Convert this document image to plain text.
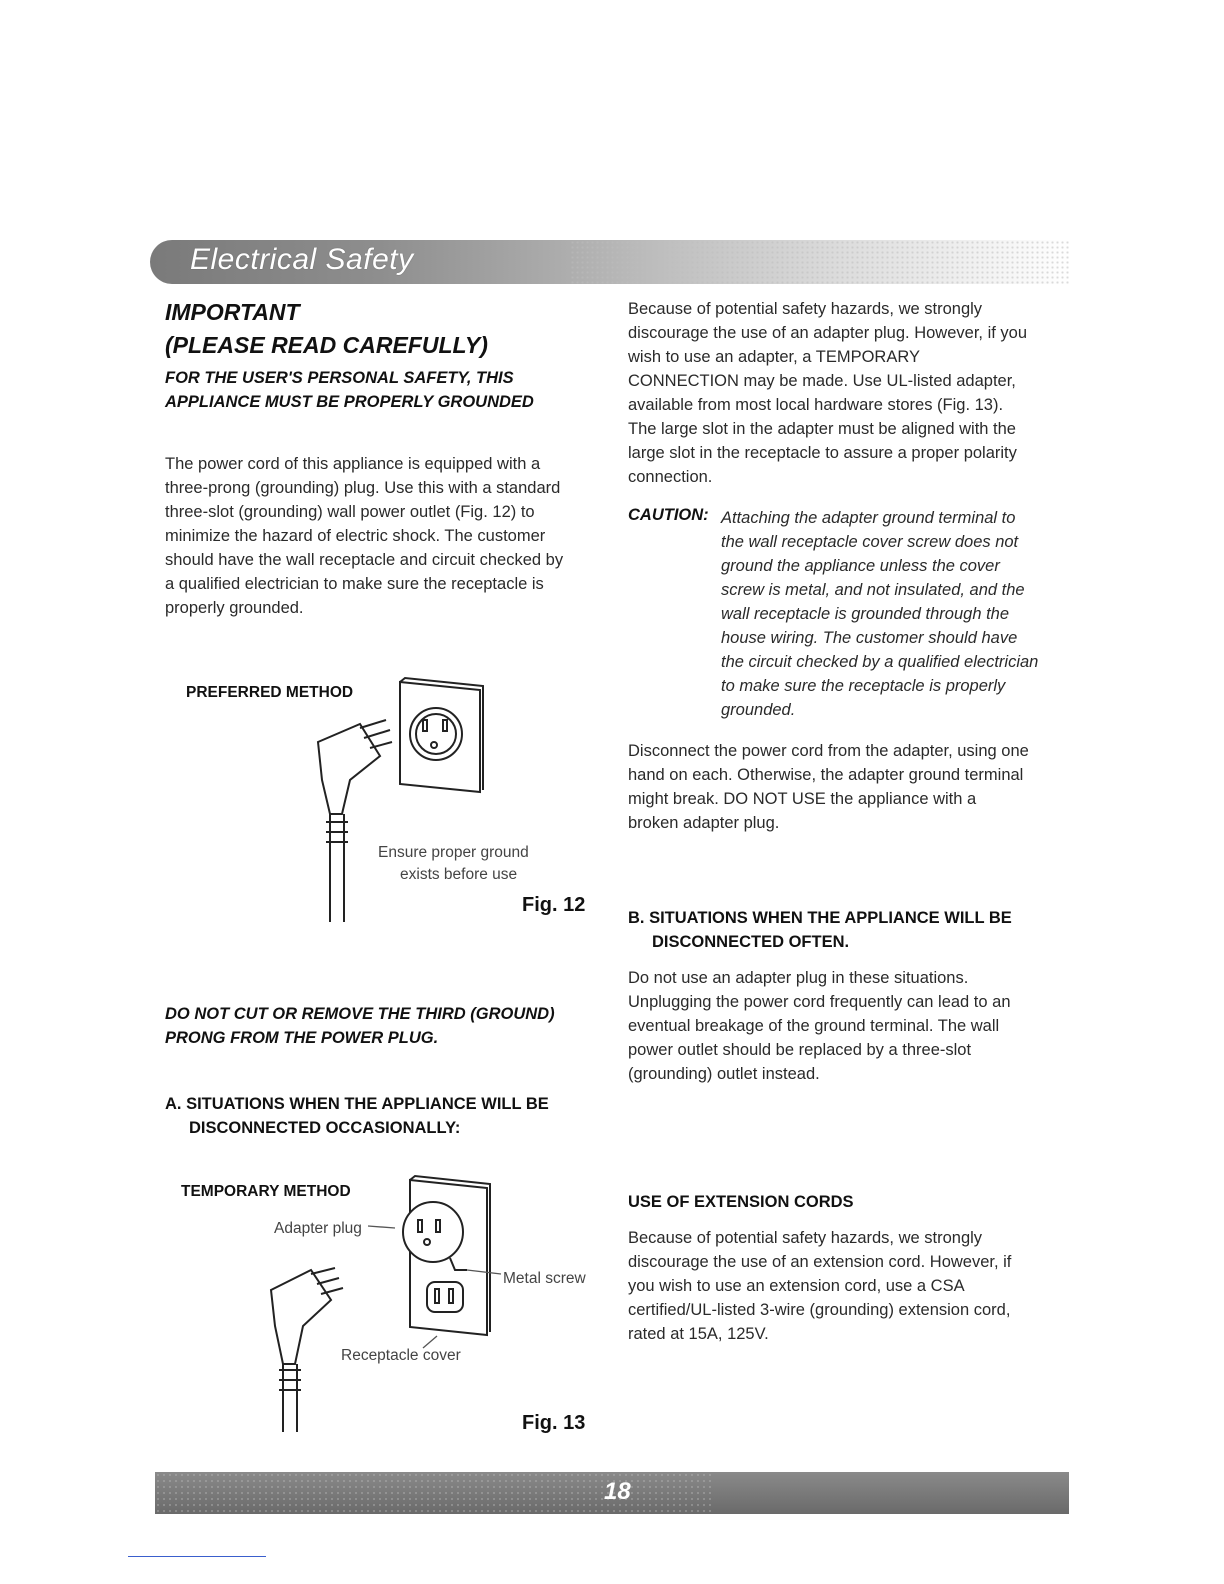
Electrical Safety
IMPORTANT
(PLEASE READ CAREFULLY)
FOR THE USER'S PERSONAL SAFETY, THIS
APPLIANCE MUST BE PROPERLY GROUNDED
The power cord of this appliance is equipped with a
three-prong (grounding) plug. Use this with a standard
three-slot (grounding) wall power outlet (Fig. 12) to
minimize the hazard of electric shock. The customer
should have the wall receptacle and circuit checked by
a qualified electrician to make sure the receptacle is
properly grounded.
PREFERRED METHOD
Ensure proper ground
exists before use
Fig. 12
DO NOT CUT OR REMOVE THE THIRD (GROUND)
PRONG FROM THE POWER PLUG.
A. SITUATIONS WHEN THE APPLIANCE WILL BE
DISCONNECTED OCCASIONALLY:
TEMPORARY METHOD
Adapter plug
Metal screw
Receptacle cover
Fig. 13
Because of potential safety hazards, we strongly
discourage the use of an adapter plug. However, if you
wish to use an adapter, a TEMPORARY
CONNECTION may be made. Use UL-listed adapter,
available from most local hardware stores (Fig. 13).
The large slot in the adapter must be aligned with the
large slot in the receptacle to assure a proper polarity
connection.
CAUTION: Attaching the adapter ground terminal to
the wall receptacle cover screw does not
ground the appliance unless the cover
screw is metal, and not insulated, and the
wall receptacle is grounded through the
house wiring. The customer should have
the circuit checked by a qualified electrician
to make sure the receptacle is properly
grounded.
Disconnect the power cord from the adapter, using one
hand on each. Otherwise, the adapter ground terminal
might break. DO NOT USE the appliance with a
broken adapter plug.
B. SITUATIONS WHEN THE APPLIANCE WILL BE
DISCONNECTED OFTEN.
Do not use an adapter plug in these situations.
Unplugging the power cord frequently can lead to an
eventual breakage of the ground terminal. The wall
power outlet should be replaced by a three-slot
(grounding) outlet instead.
USE OF EXTENSION CORDS
Because of potential safety hazards, we strongly
discourage the use of an extension cord. However, if
you wish to use an extension cord, use a CSA
certified/UL-listed 3-wire (grounding) extension cord,
rated at 15A, 125V.
18
